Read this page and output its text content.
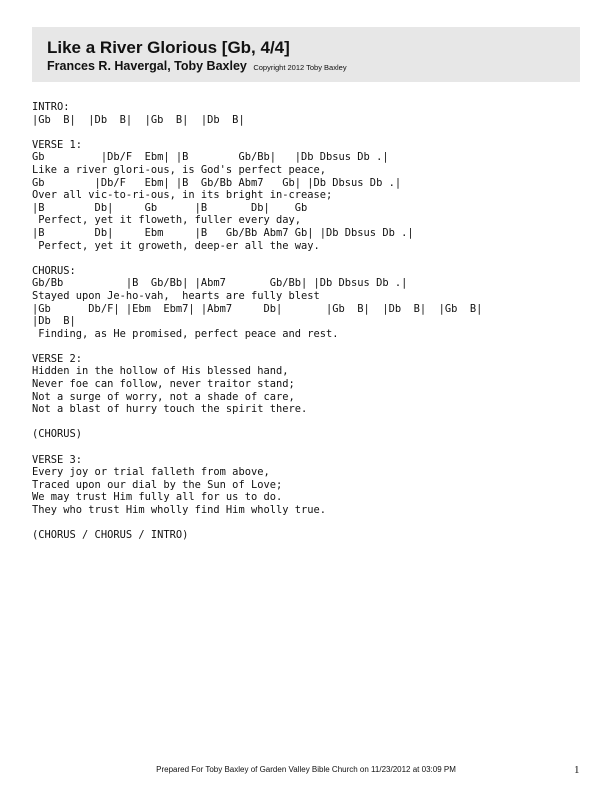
Like a River Glorious [Gb, 4/4]
Frances R. Havergal, Toby Baxley Copyright 2012 Toby Baxley
INTRO:
|Gb  B|  |Db  B|  |Gb  B|  |Db  B|
VERSE 1:
Gb         |Db/F  Ebm| |B        Gb/Bb|   |Db Dbsus Db .|
Like a river glori-ous, is God's perfect peace,
Gb        |Db/F   Ebm| |B  Gb/Bb Abm7   Gb| |Db Dbsus Db .|
Over all vic-to-ri-ous, in its bright in-crease;
|B        Db|     Gb      |B       Db|    Gb
Perfect, yet it floweth, fuller every day,
|B        Db|     Ebm     |B   Gb/Bb Abm7 Gb| |Db Dbsus Db .|
Perfect, yet it groweth, deep-er all the way.
CHORUS:
Gb/Bb          |B  Gb/Bb| |Abm7       Gb/Bb| |Db Dbsus Db .|
Stayed upon Je-ho-vah,  hearts are fully blest
|Gb      Db/F| |Ebm  Ebm7| |Abm7     Db|       |Gb  B|  |Db  B|  |Gb  B|
|Db  B|
Finding, as He promised, perfect peace and rest.
VERSE 2:
Hidden in the hollow of His blessed hand,
Never foe can follow, never traitor stand;
Not a surge of worry, not a shade of care,
Not a blast of hurry touch the spirit there.
(CHORUS)
VERSE 3:
Every joy or trial falleth from above,
Traced upon our dial by the Sun of Love;
We may trust Him fully all for us to do.
They who trust Him wholly find Him wholly true.
(CHORUS / CHORUS / INTRO)
Prepared For Toby Baxley of Garden Valley Bible Church on 11/23/2012 at 03:09 PM	1
